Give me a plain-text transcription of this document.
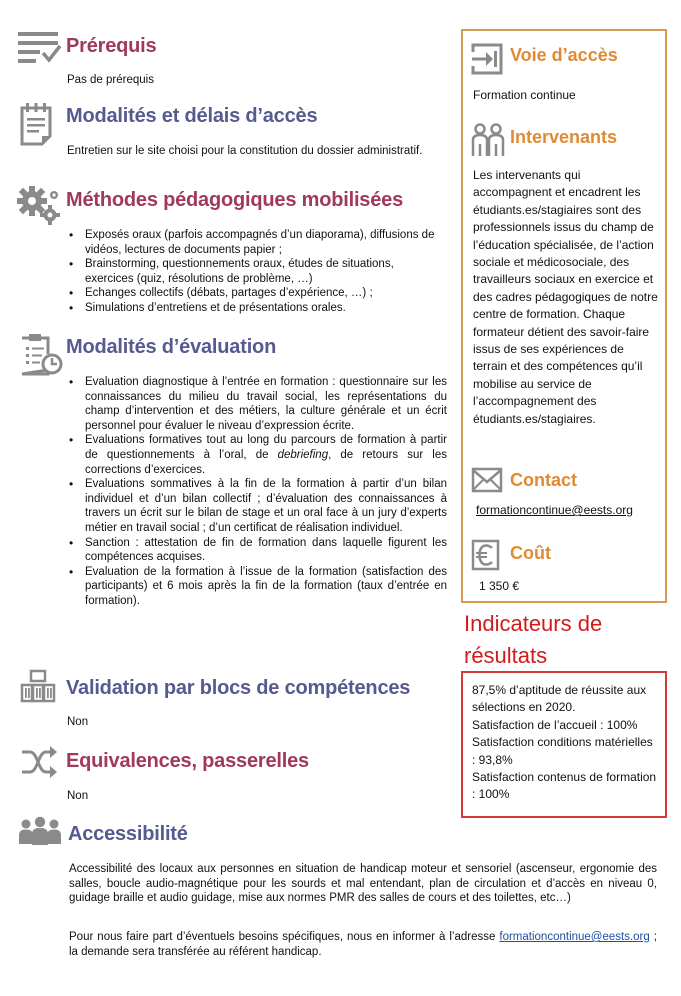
Prérequis
Pas de prérequis
Modalités et délais d’accès
Entretien sur le site choisi pour la constitution du dossier administratif.
Méthodes pédagogiques mobilisées
• Exposés oraux (parfois accompagnés d’un diaporama), diffusions de vidéos, lectures de documents papier ;
• Brainstorming, questionnements oraux, études de situations, exercices (quiz, résolutions de problème, …)
• Echanges collectifs (débats, partages d’expérience, …) ;
• Simulations d’entretiens et de présentations orales.
Modalités d’évaluation
• Evaluation diagnostique à l’entrée en formation : questionnaire sur les connaissances du milieu du travail social, les représentations du champ d’intervention et des métiers, la culture générale et un écrit personnel pour évaluer le niveau d’expression écrite.
• Evaluations formatives tout au long du parcours de formation à partir de questionnements à l’oral, de debriefing, de retours sur les corrections d’exercices.
• Evaluations sommatives à la fin de la formation à partir d’un bilan individuel et d’un bilan collectif ; d’évaluation des connaissances à travers un écrit sur le bilan de stage et un oral face à un jury d’experts métier en travail social ; d’un certificat de réalisation individuel.
• Sanction : attestation de fin de formation dans laquelle figurent les compétences acquises.
• Evaluation de la formation à l’issue de la formation (satisfaction des participants) et 6 mois après la fin de la formation (taux d’entrée en formation).
Validation par blocs de compétences
Non
Equivalences, passerelles
Non
Accessibilité
Accessibilité des locaux aux personnes en situation de handicap moteur et sensoriel (ascenseur, ergonomie des salles, boucle audio-magnétique pour les sourds et mal entendant, plan de circulation et d’accès en niveau 0, guidage braille et audio guidage, mise aux normes PMR des salles de cours et des toilettes, etc…)
Pour nous faire part d’éventuels besoins spécifiques, nous en informer à l’adresse formationcontinue@eests.org ; la demande sera transférée au référent handicap.
Voie d’accès
Formation continue
Intervenants
Les intervenants qui accompagnent et encadrent les étudiants.es/stagiaires sont des professionnels issus du champ de l’éducation spécialisée, de l’action sociale et médicosociale, des travailleurs sociaux en exercice et des cadres pédagogiques de notre centre de formation. Chaque formateur détient des savoir-faire issus de ses expériences de terrain et des compétences qu’il mobilise au service de l’accompagnement des étudiants.es/stagiaires.
Contact
formationcontinue@eests.org
Coût
1 350 €
Indicateurs de résultats
87,5% d’aptitude de réussite aux sélections en 2020.
Satisfaction de l’accueil : 100%
Satisfaction conditions matérielles : 93,8%
Satisfaction contenus de formation : 100%
